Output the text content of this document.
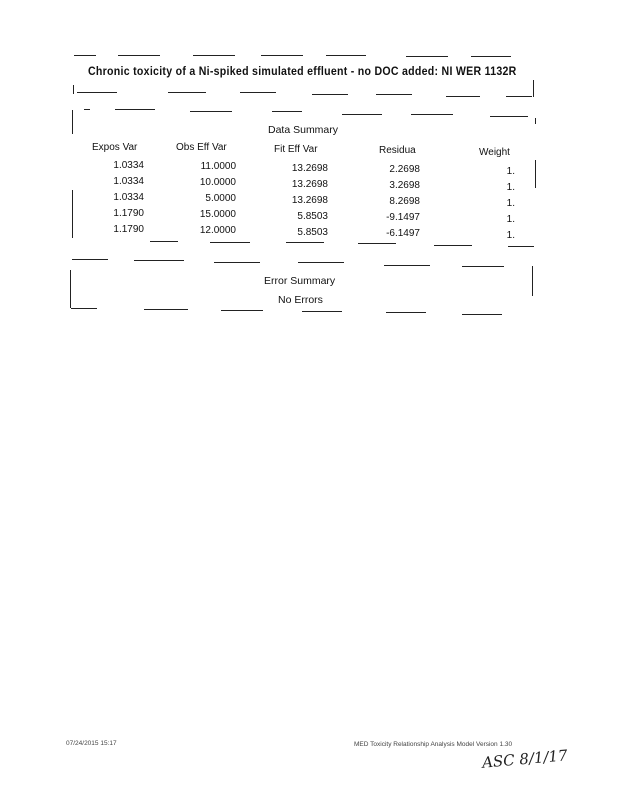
Chronic toxicity of a Ni-spiked simulated effluent - no DOC added: NI WER 1132R
Data Summary
Expos Var	Obs Eff Var	Fit Eff Var	Residua	Weight
1.0334	11.0000	13.2698	2.2698	1.
1.0334	10.0000	13.2698	3.2698	1.
1.0334	5.0000	13.2698	8.2698	1.
1.1790	15.0000	5.8503	-9.1497	1.
1.1790	12.0000	5.8503	-6.1497	1.
Error Summary
No Errors
07/24/2015 15:17	MED Toxicity Relationship Analysis Model Version 1.30
ASC 8/1/17
